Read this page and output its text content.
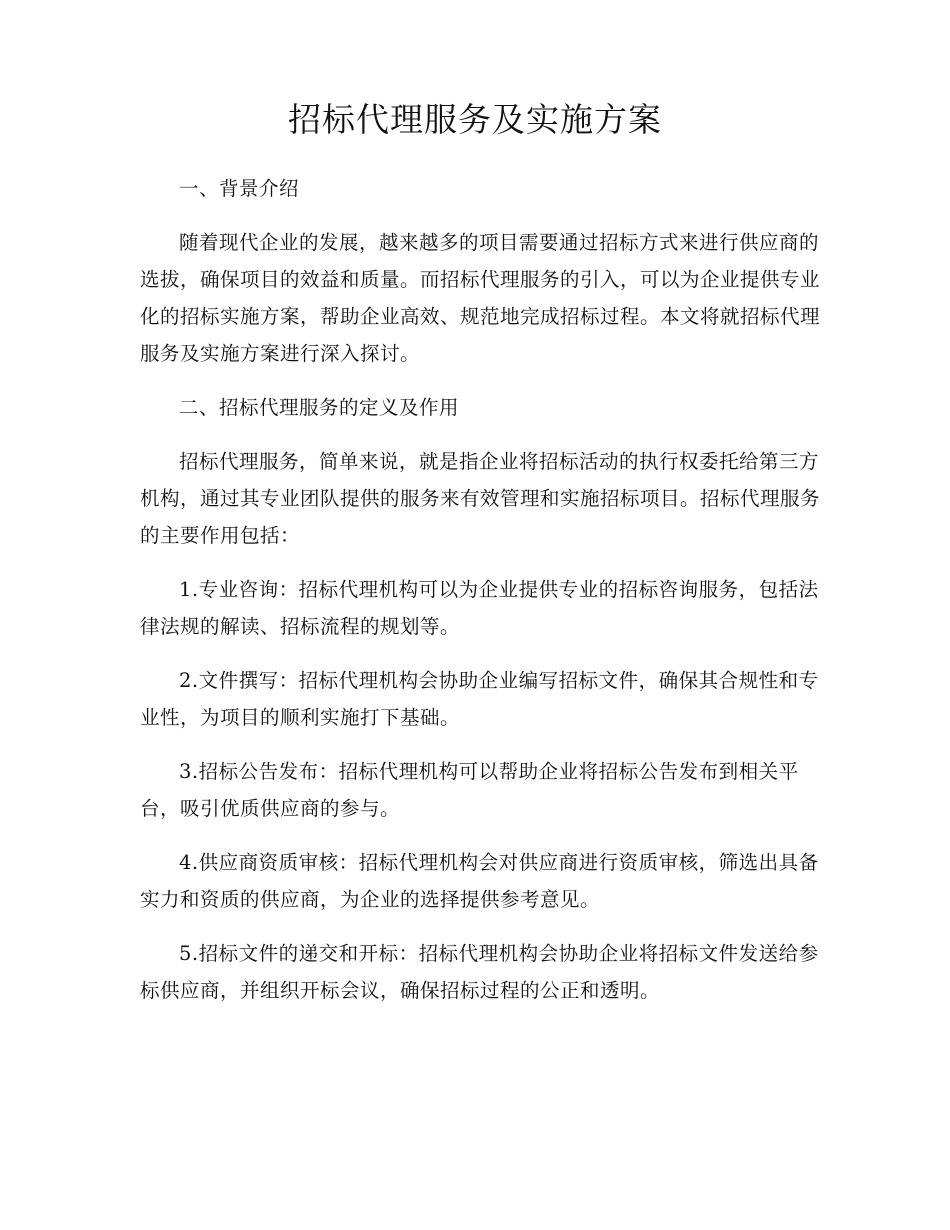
招标代理服务及实施方案

一、背景介绍

随着现代企业的发展，越来越多的项目需要通过招标方式来进行供应商的选拔，确保项目的效益和质量。而招标代理服务的引入，可以为企业提供专业化的招标实施方案，帮助企业高效、规范地完成招标过程。本文将就招标代理服务及实施方案进行深入探讨。

二、招标代理服务的定义及作用

招标代理服务，简单来说，就是指企业将招标活动的执行权委托给第三方机构，通过其专业团队提供的服务来有效管理和实施招标项目。招标代理服务的主要作用包括：

1.专业咨询：招标代理机构可以为企业提供专业的招标咨询服务，包括法律法规的解读、招标流程的规划等。

2.文件撰写：招标代理机构会协助企业编写招标文件，确保其合规性和专业性，为项目的顺利实施打下基础。

3.招标公告发布：招标代理机构可以帮助企业将招标公告发布到相关平台，吸引优质供应商的参与。

4.供应商资质审核：招标代理机构会对供应商进行资质审核，筛选出具备实力和资质的供应商，为企业的选择提供参考意见。

5.招标文件的递交和开标：招标代理机构会协助企业将招标文件发送给参标供应商，并组织开标会议，确保招标过程的公正和透明。
